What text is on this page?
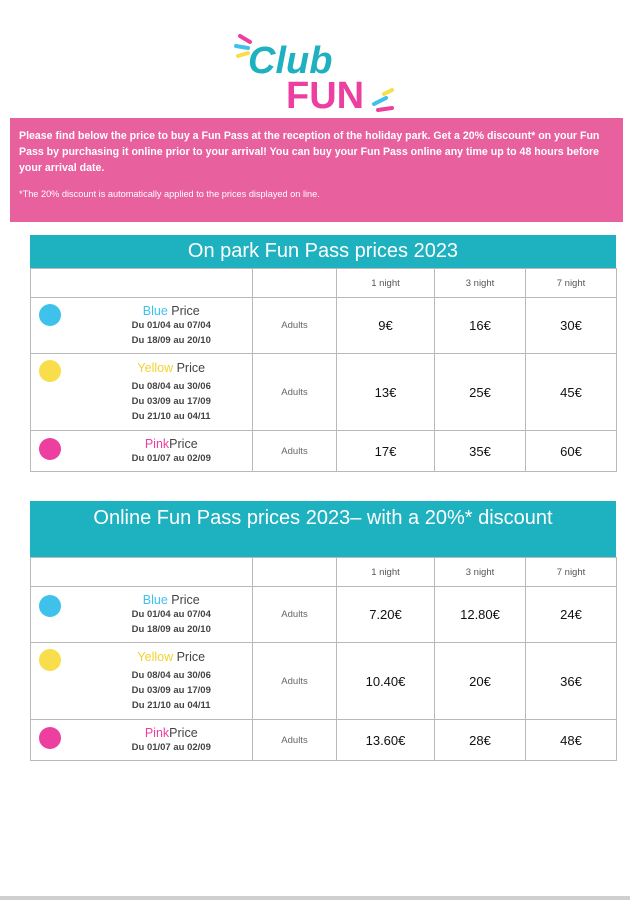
Club
FUN
Please find below the price to buy a Fun Pass at the reception of the holiday park. Get a 20% discount* on your Fun Pass by purchasing it online prior to your arrival! You can buy your Fun Pass online any time up to 48 hours before your arrival date.
*The 20% discount is automatically applied to the prices displayed on line.
On park Fun Pass prices 2023
			1 night	3 night	7 night

	Blue Price
Du 01/04 au 07/04
Du 18/09 au 20/10	Adults	9€	16€	30€

	Yellow Price
Du 08/04 au 30/06
Du 03/09 au 17/09
Du 21/10 au 04/11	Adults	13€	25€	45€

	PinkPrice
Du 01/07 au 02/09	Adults	17€	35€	60€
Online Fun Pass prices 2023– with a 20%* discount
			1 night	3 night	7 night

	Blue Price
Du 01/04 au 07/04
Du 18/09 au 20/10	Adults	7.20€	12.80€	24€

	Yellow Price
Du 08/04 au 30/06
Du 03/09 au 17/09
Du 21/10 au 04/11	Adults	10.40€	20€	36€

	PinkPrice
Du 01/07 au 02/09	Adults	13.60€	28€	48€
